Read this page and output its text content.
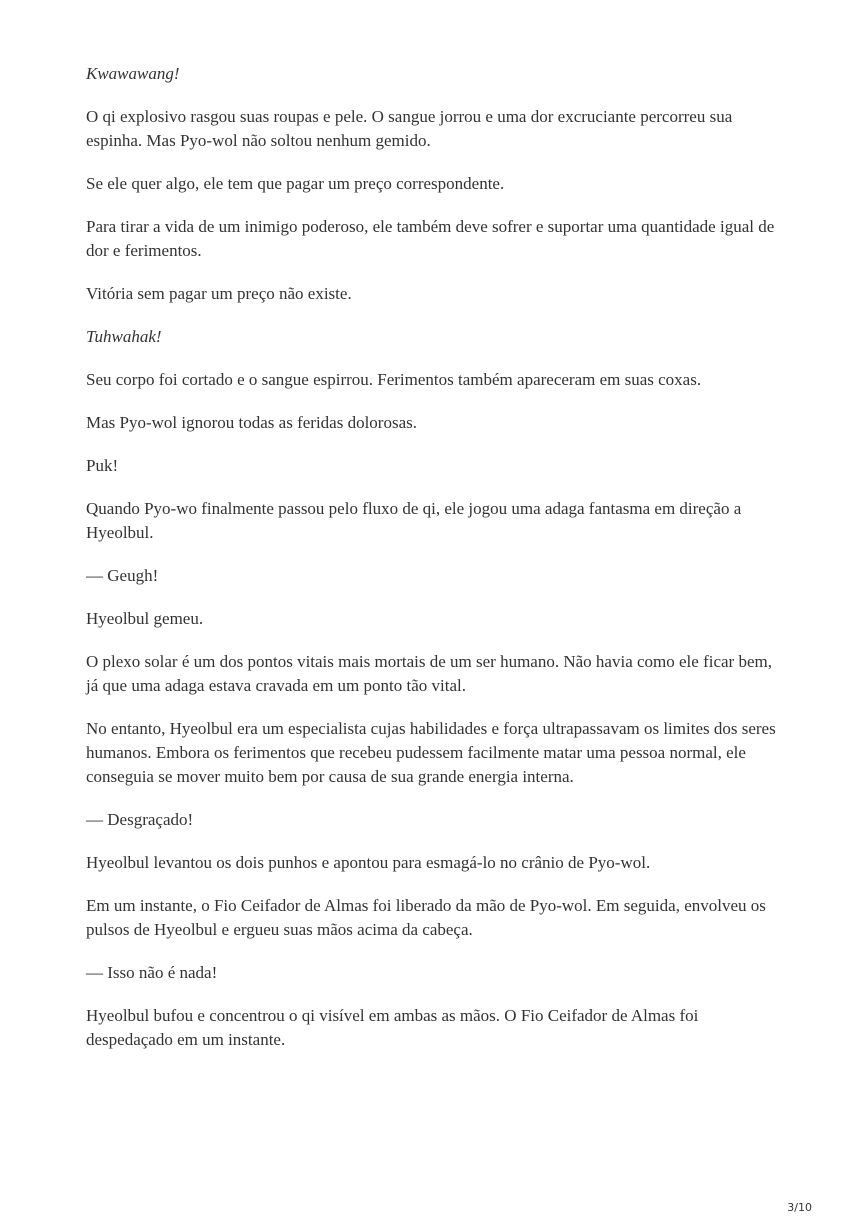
Kwawawang!

O qi explosivo rasgou suas roupas e pele. O sangue jorrou e uma dor excruciante percorreu sua espinha. Mas Pyo-wol não soltou nenhum gemido.

Se ele quer algo, ele tem que pagar um preço correspondente.

Para tirar a vida de um inimigo poderoso, ele também deve sofrer e suportar uma quantidade igual de dor e ferimentos.

Vitória sem pagar um preço não existe.

Tuhwahak!

Seu corpo foi cortado e o sangue espirrou. Ferimentos também apareceram em suas coxas.

Mas Pyo-wol ignorou todas as feridas dolorosas.

Puk!

Quando Pyo-wo finalmente passou pelo fluxo de qi, ele jogou uma adaga fantasma em direção a Hyeolbul.

— Geugh!

Hyeolbul gemeu.

O plexo solar é um dos pontos vitais mais mortais de um ser humano. Não havia como ele ficar bem, já que uma adaga estava cravada em um ponto tão vital.

No entanto, Hyeolbul era um especialista cujas habilidades e força ultrapassavam os limites dos seres humanos. Embora os ferimentos que recebeu pudessem facilmente matar uma pessoa normal, ele conseguia se mover muito bem por causa de sua grande energia interna.

— Desgraçado!

Hyeolbul levantou os dois punhos e apontou para esmagá-lo no crânio de Pyo-wol.

Em um instante, o Fio Ceifador de Almas foi liberado da mão de Pyo-wol. Em seguida, envolveu os pulsos de Hyeolbul e ergueu suas mãos acima da cabeça.

— Isso não é nada!

Hyeolbul bufou e concentrou o qi visível em ambas as mãos. O Fio Ceifador de Almas foi despedaçado em um instante.

3/10
